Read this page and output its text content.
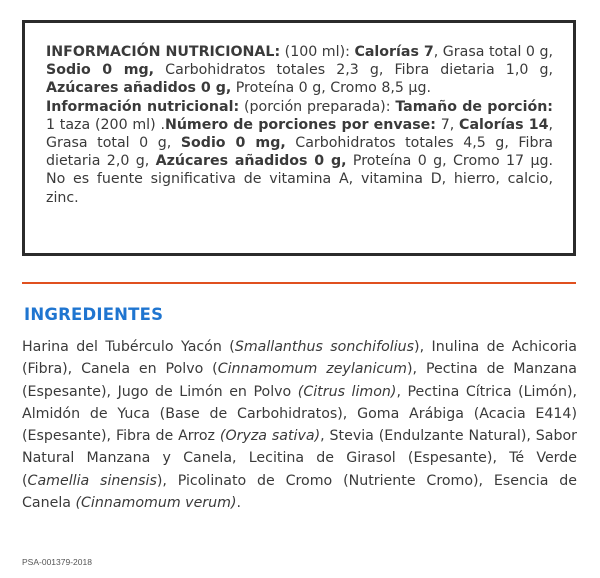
INFORMACIÓN NUTRICIONAL: (100 ml): Calorías 7, Grasa total 0 g, Sodio 0 mg, Carbohidratos totales 2,3 g, Fibra dietaria 1,0 g, Azúcares añadidos 0 g, Proteína 0 g, Cromo 8,5 µg.

Información nutricional: (porción preparada): Tamaño de porción: 1 taza (200 ml) .Número de porciones por envase: 7, Calorías 14, Grasa total 0 g, Sodio 0 mg, Carbohidratos totales 4,5 g, Fibra dietaria 2,0 g, Azúcares añadidos 0 g, Proteína 0 g, Cromo 17 µg. No es fuente significativa de vitamina A, vitamina D, hierro, calcio, zinc.

INGREDIENTES

Harina del Tubérculo Yacón (Smallanthus sonchifolius), Inulina de Achicoria (Fibra), Canela en Polvo (Cinnamomum zeylanicum), Pectina de Manzana (Espesante), Jugo de Limón en Polvo (Citrus limon), Pectina Cítrica (Limón), Almidón de Yuca (Base de Carbohidratos), Goma Arábiga (Acacia E414) (Espesante), Fibra de Arroz (Oryza sativa), Stevia (Endulzante Natural), Sabor Natural Manzana y Canela, Lecitina de Girasol (Espesante), Té Verde (Camellia sinensis), Picolinato de Cromo (Nutriente Cromo), Esencia de Canela (Cinnamomum verum).

PSA-001379-2018
